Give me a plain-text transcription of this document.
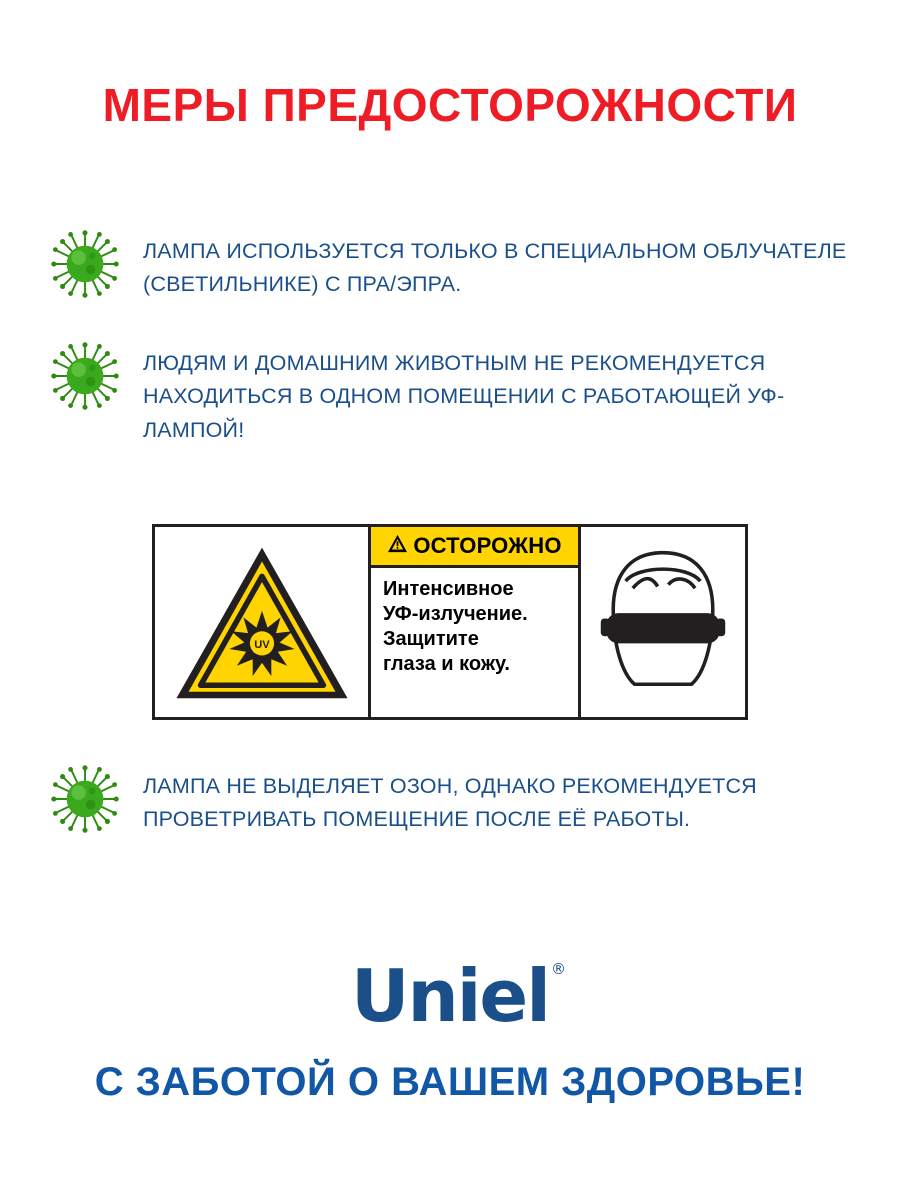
МЕРЫ ПРЕДОСТОРОЖНОСТИ
ЛАМПА ИСПОЛЬЗУЕТСЯ ТОЛЬКО В СПЕЦИАЛЬНОМ ОБЛУЧАТЕЛЕ (СВЕТИЛЬНИКЕ) С ПРА/ЭПРА.
ЛЮДЯМ И ДОМАШНИМ ЖИВОТНЫМ НЕ РЕКОМЕНДУЕТСЯ НАХОДИТЬСЯ В ОДНОМ ПОМЕЩЕНИИ С РАБОТАЮЩЕЙ УФ-ЛАМПОЙ!
UV
ОСТОРОЖНО
Интенсивное
УФ-излучение.
Защитите
глаза и кожу.
ЛАМПА НЕ ВЫДЕЛЯЕТ ОЗОН, ОДНАКО РЕКОМЕНДУЕТСЯ ПРОВЕТРИВАТЬ ПОМЕЩЕНИЕ ПОСЛЕ ЕЁ РАБОТЫ.
Uniel ®
С ЗАБОТОЙ О ВАШЕМ ЗДОРОВЬЕ!
